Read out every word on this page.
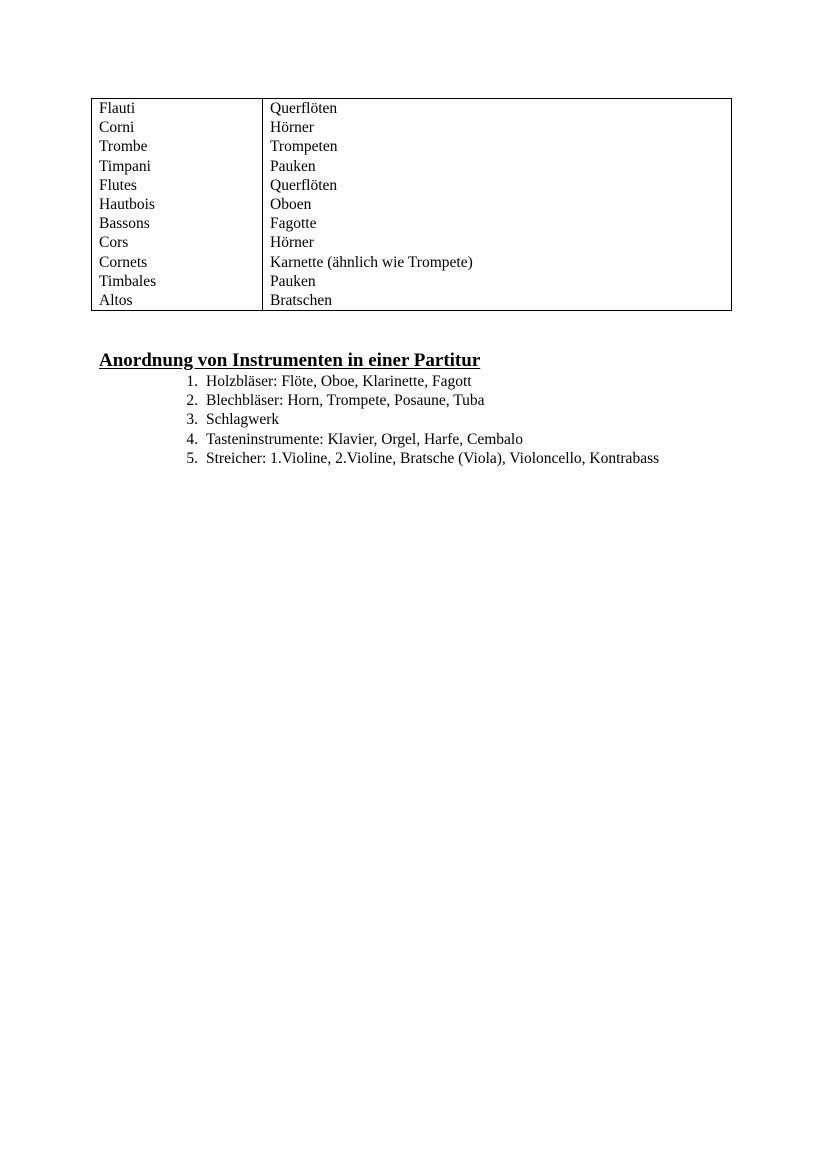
Flauti	Querflöten
Corni	Hörner
Trombe	Trompeten
Timpani	Pauken
Flutes	Querflöten
Hautbois	Oboen
Bassons	Fagotte
Cors	Hörner
Cornets	Karnette (ähnlich wie Trompete)
Timbales	Pauken
Altos	Bratschen
Anordnung von Instrumenten in einer Partitur
1. Holzbläser: Flöte, Oboe, Klarinette, Fagott
2. Blechbläser: Horn, Trompete, Posaune, Tuba
3. Schlagwerk
4. Tasteninstrumente: Klavier, Orgel, Harfe, Cembalo
5. Streicher: 1.Violine, 2.Violine, Bratsche (Viola), Violoncello, Kontrabass
